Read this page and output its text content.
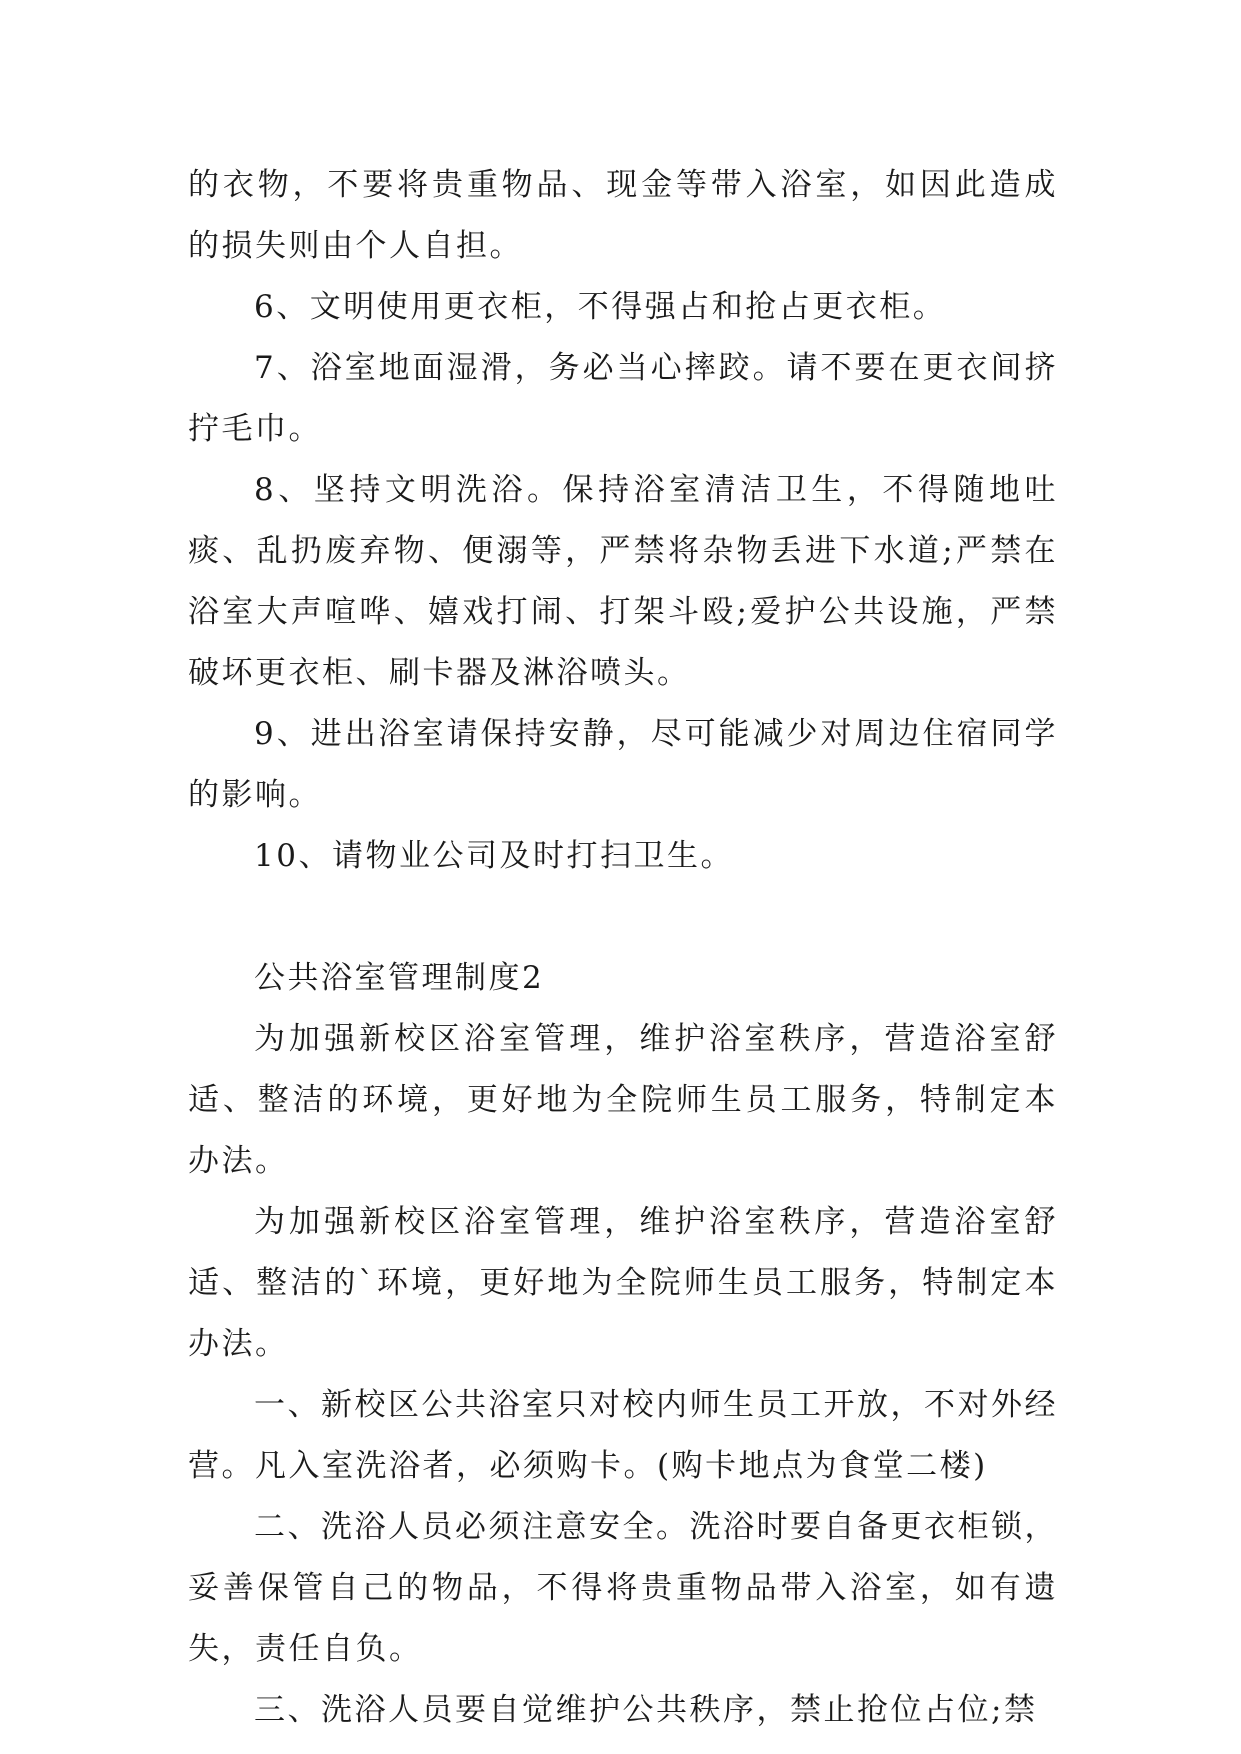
的衣物，不要将贵重物品、现金等带入浴室，如因此造成的损失则由个人自担。

6、文明使用更衣柜，不得强占和抢占更衣柜。

7、浴室地面湿滑，务必当心摔跤。请不要在更衣间挤拧毛巾。

8、坚持文明洗浴。保持浴室清洁卫生，不得随地吐痰、乱扔废弃物、便溺等，严禁将杂物丢进下水道;严禁在浴室大声喧哗、嬉戏打闹、打架斗殴;爱护公共设施，严禁破坏更衣柜、刷卡器及淋浴喷头。

9、进出浴室请保持安静，尽可能减少对周边住宿同学的影响。

10、请物业公司及时打扫卫生。

公共浴室管理制度2

为加强新校区浴室管理，维护浴室秩序，营造浴室舒适、整洁的环境，更好地为全院师生员工服务，特制定本办法。

为加强新校区浴室管理，维护浴室秩序，营造浴室舒适、整洁的`环境，更好地为全院师生员工服务，特制定本办法。

一、新校区公共浴室只对校内师生员工开放，不对外经营。凡入室洗浴者，必须购卡。(购卡地点为食堂二楼)

二、洗浴人员必须注意安全。洗浴时要自备更衣柜锁，妥善保管自己的物品，不得将贵重物品带入浴室，如有遗失，责任自负。

三、洗浴人员要自觉维护公共秩序，禁止抢位占位;禁
